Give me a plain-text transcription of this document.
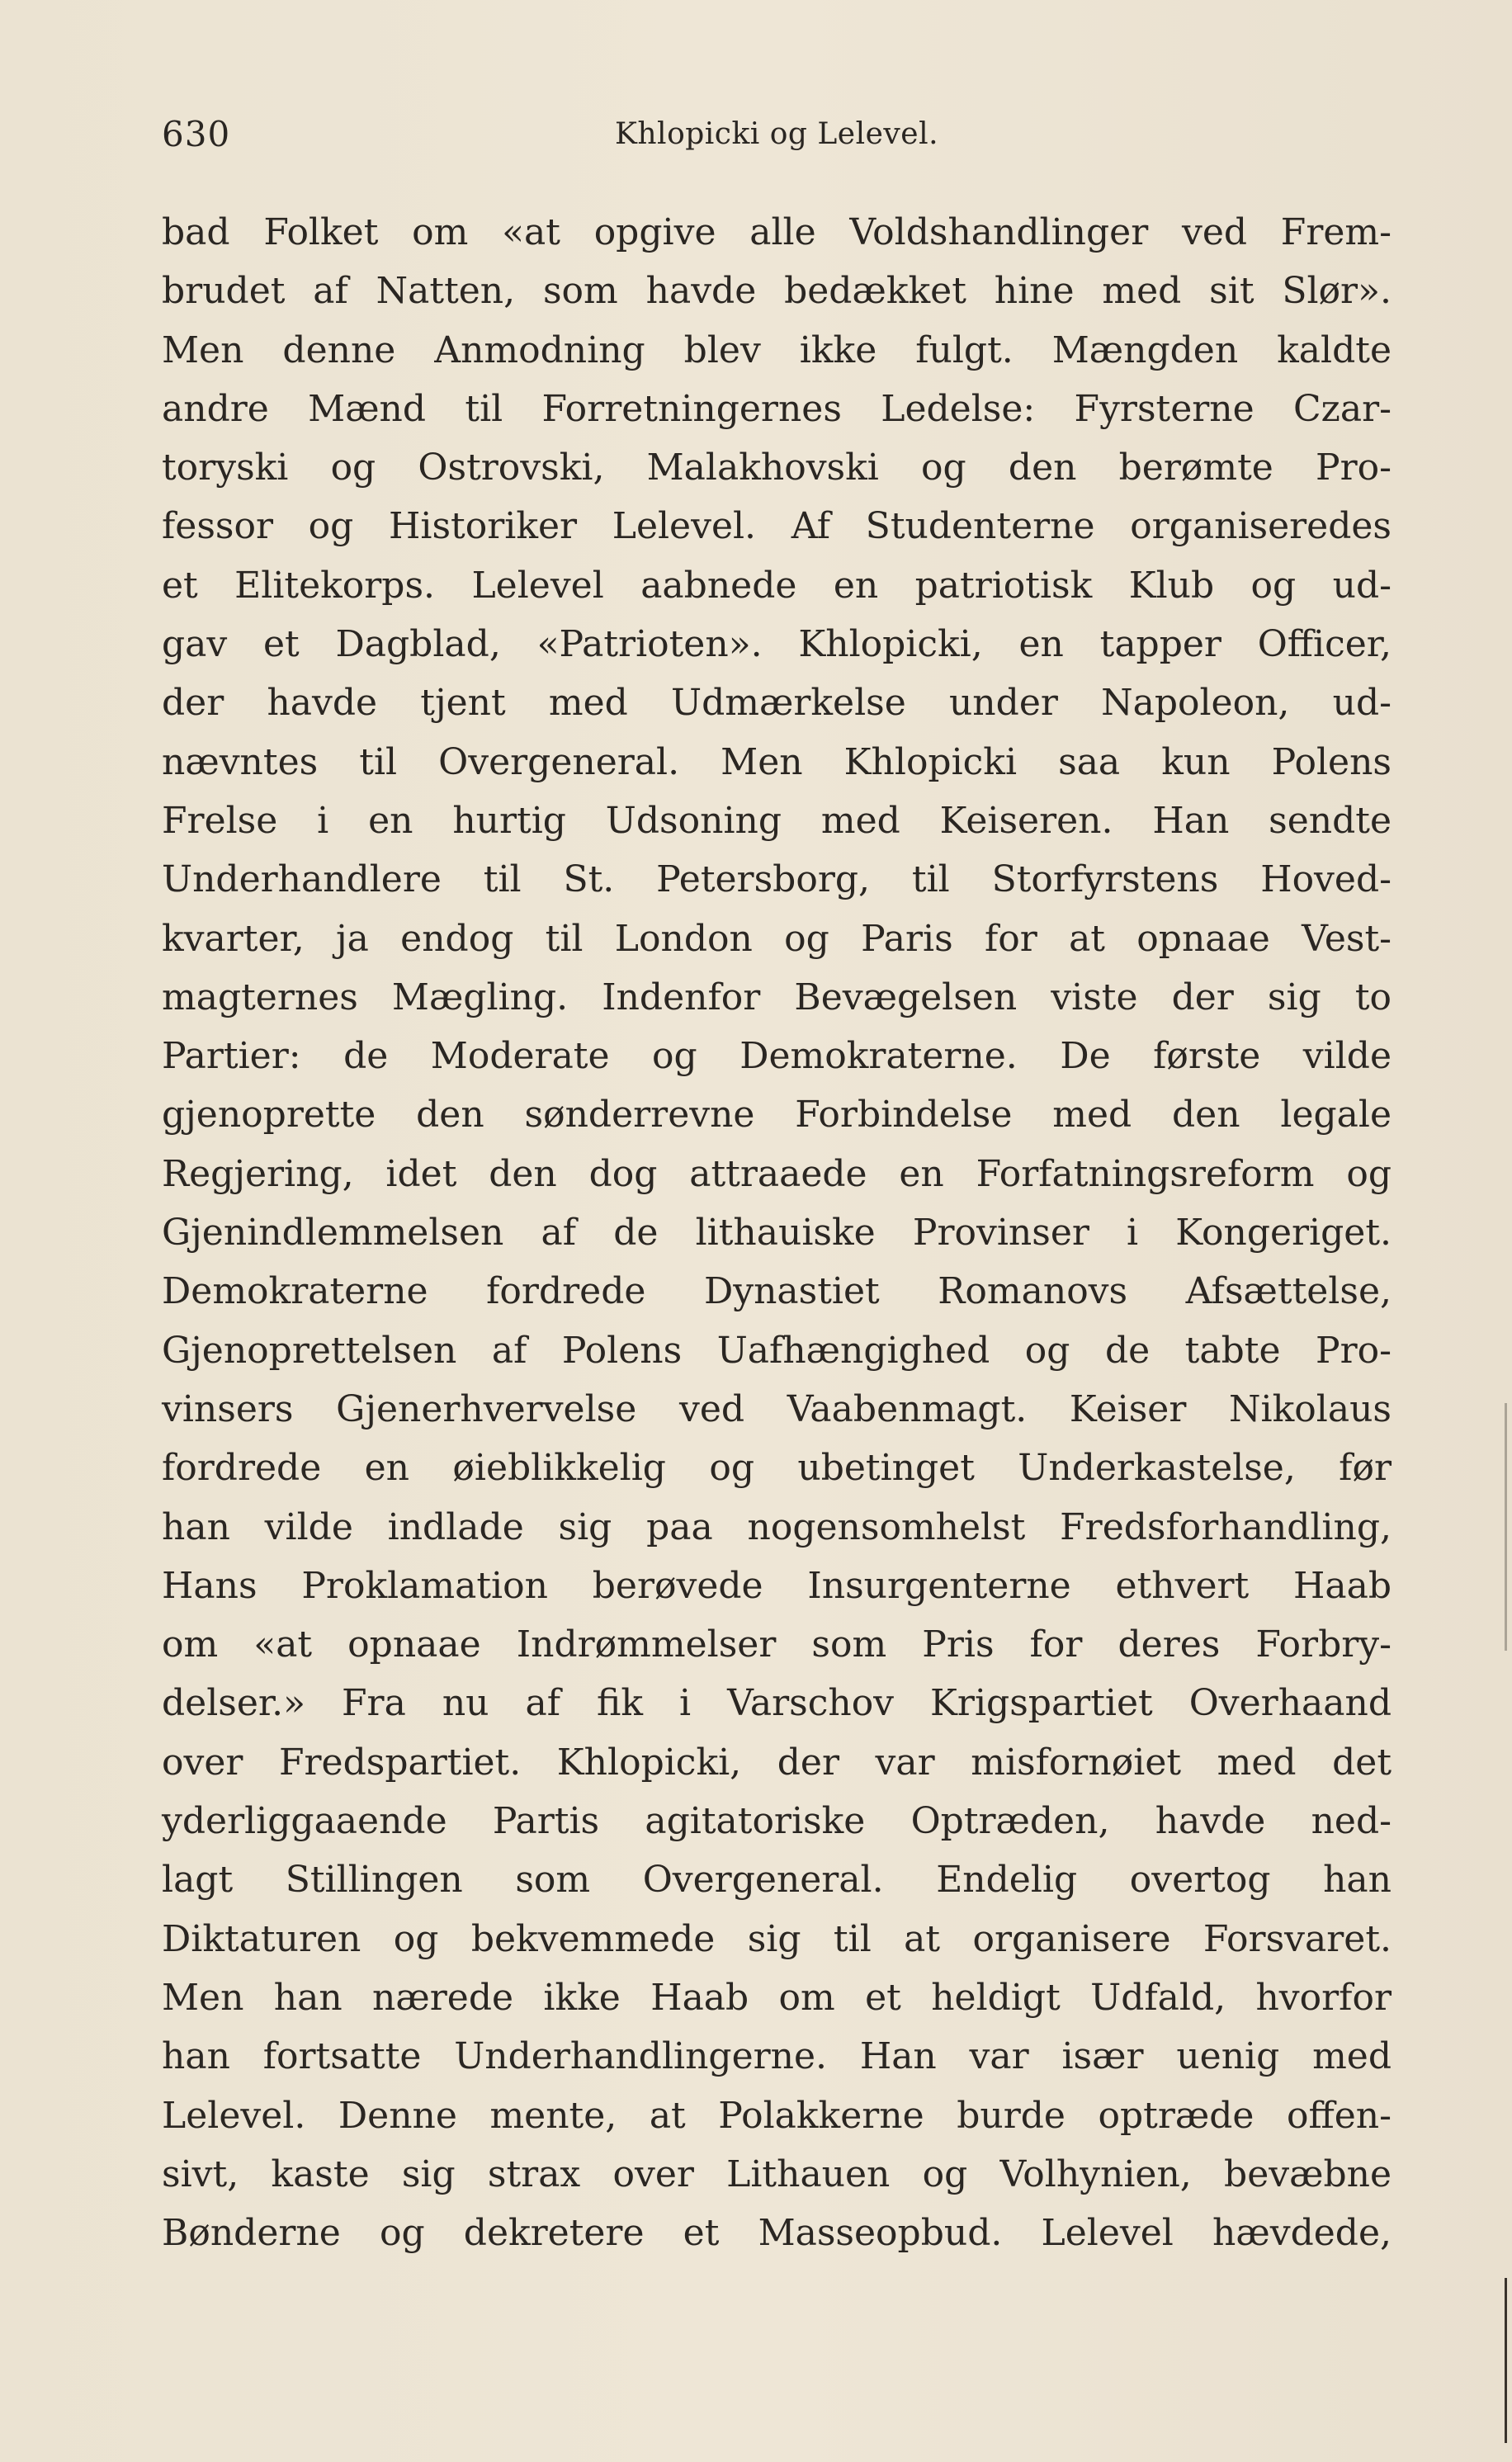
630	Khlopicki og Lelevel.
bad Folket om «at opgive alle Voldshandlinger ved Frem-
brudet af Natten, som havde bedækket hine med sit Slør».
Men denne Anmodning blev ikke fulgt. Mængden kaldte
andre Mænd til Forretningernes Ledelse: Fyrsterne Czar-
toryski og Ostrovski, Malakhovski og den berømte Pro-
fessor og Historiker Lelevel. Af Studenterne organiseredes
et Elitekorps. Lelevel aabnede en patriotisk Klub og ud-
gav et Dagblad, «Patrioten». Khlopicki, en tapper Officer,
der havde tjent med Udmærkelse under Napoleon, ud-
nævntes til Overgeneral. Men Khlopicki saa kun Polens
Frelse i en hurtig Udsoning med Keiseren. Han sendte
Underhandlere til St. Petersborg, til Storfyrstens Hoved-
kvarter, ja endog til London og Paris for at opnaae Vest-
magternes Mægling. Indenfor Bevægelsen viste der sig to
Partier: de Moderate og Demokraterne. De første vilde
gjenoprette den sønderrevne Forbindelse med den legale
Regjering, idet den dog attraaede en Forfatningsreform og
Gjenindlemmelsen af de lithauiske Provinser i Kongeriget.
Demokraterne fordrede Dynastiet Romanovs Afsættelse,
Gjenoprettelsen af Polens Uafhængighed og de tabte Pro-
vinsers Gjenerhvervelse ved Vaabenmagt. Keiser Nikolaus
fordrede en øieblikkelig og ubetinget Underkastelse, før
han vilde indlade sig paa nogensomhelst Fredsforhandling,
Hans Proklamation berøvede Insurgenterne ethvert Haab
om «at opnaae Indrømmelser som Pris for deres Forbry-
delser.» Fra nu af fik i Varschov Krigspartiet Overhaand
over Fredspartiet. Khlopicki, der var misfornøiet med det
yderliggaaende Partis agitatoriske Optræden, havde ned-
lagt Stillingen som Overgeneral. Endelig overtog han
Diktaturen og bekvemmede sig til at organisere Forsvaret.
Men han nærede ikke Haab om et heldigt Udfald, hvorfor
han fortsatte Underhandlingerne. Han var især uenig med
Lelevel. Denne mente, at Polakkerne burde optræde offen-
sivt, kaste sig strax over Lithauen og Volhynien, bevæbne
Bønderne og dekretere et Masseopbud. Lelevel hævdede,
